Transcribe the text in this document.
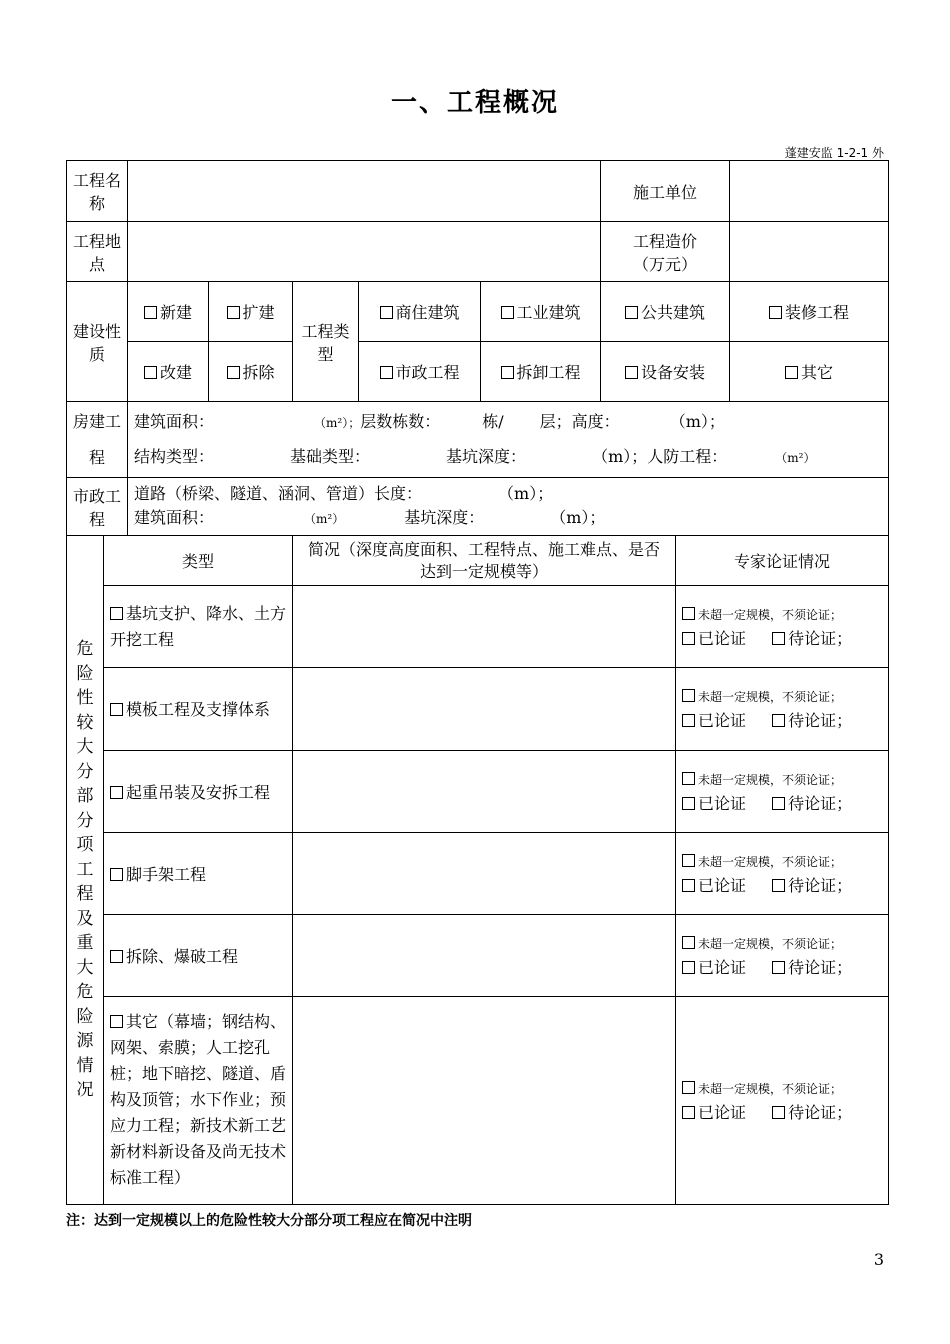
一、工程概况
蓬建安监 1-2-1 外
工程名称							施工单位		
工程地点							工程造价
（万元）		

建设性质		新建	扩建	工程类型	商住建筑	工业建筑	公共建筑		装修工程
		改建	拆除		市政工程	拆卸工程	设备安装		其它
房建工程		建筑面积： （m²）；层数栋数： 栋/ 层；高度： （m）；
结构类型： 基础类型： 基坑深度： （m）；人防工程： （m²）							

市政工程		道路（桥梁、隧道、涵洞、管道）长度： （m）；
建筑面积： （m²） 基坑深度： （m）；							

危险性较大分部分项工程及重大危险源情况	类型			简况（深度高度面积、工程特点、施工难点、是否达到一定规模等）				专家论证情况	
	基坑支护、降水、土方开挖工程							未超一定规模，不须论证；
已论证 待论证；	

	模板工程及支撑体系							未超一定规模，不须论证；
已论证 待论证；	

	起重吊装及安拆工程							未超一定规模，不须论证；
已论证 待论证；	

	脚手架工程							未超一定规模，不须论证；
已论证 待论证；	

	拆除、爆破工程							未超一定规模，不须论证；
已论证 待论证；	

	其它（幕墙；钢结构、网架、索膜；人工挖孔桩；地下暗挖、隧道、盾构及顶管；水下作业；预应力工程；新技术新工艺新材料新设备及尚无技术标准工程）							未超一定规模，不须论证；
已论证 待论证；	
注：达到一定规模以上的危险性较大分部分项工程应在简况中注明
3
